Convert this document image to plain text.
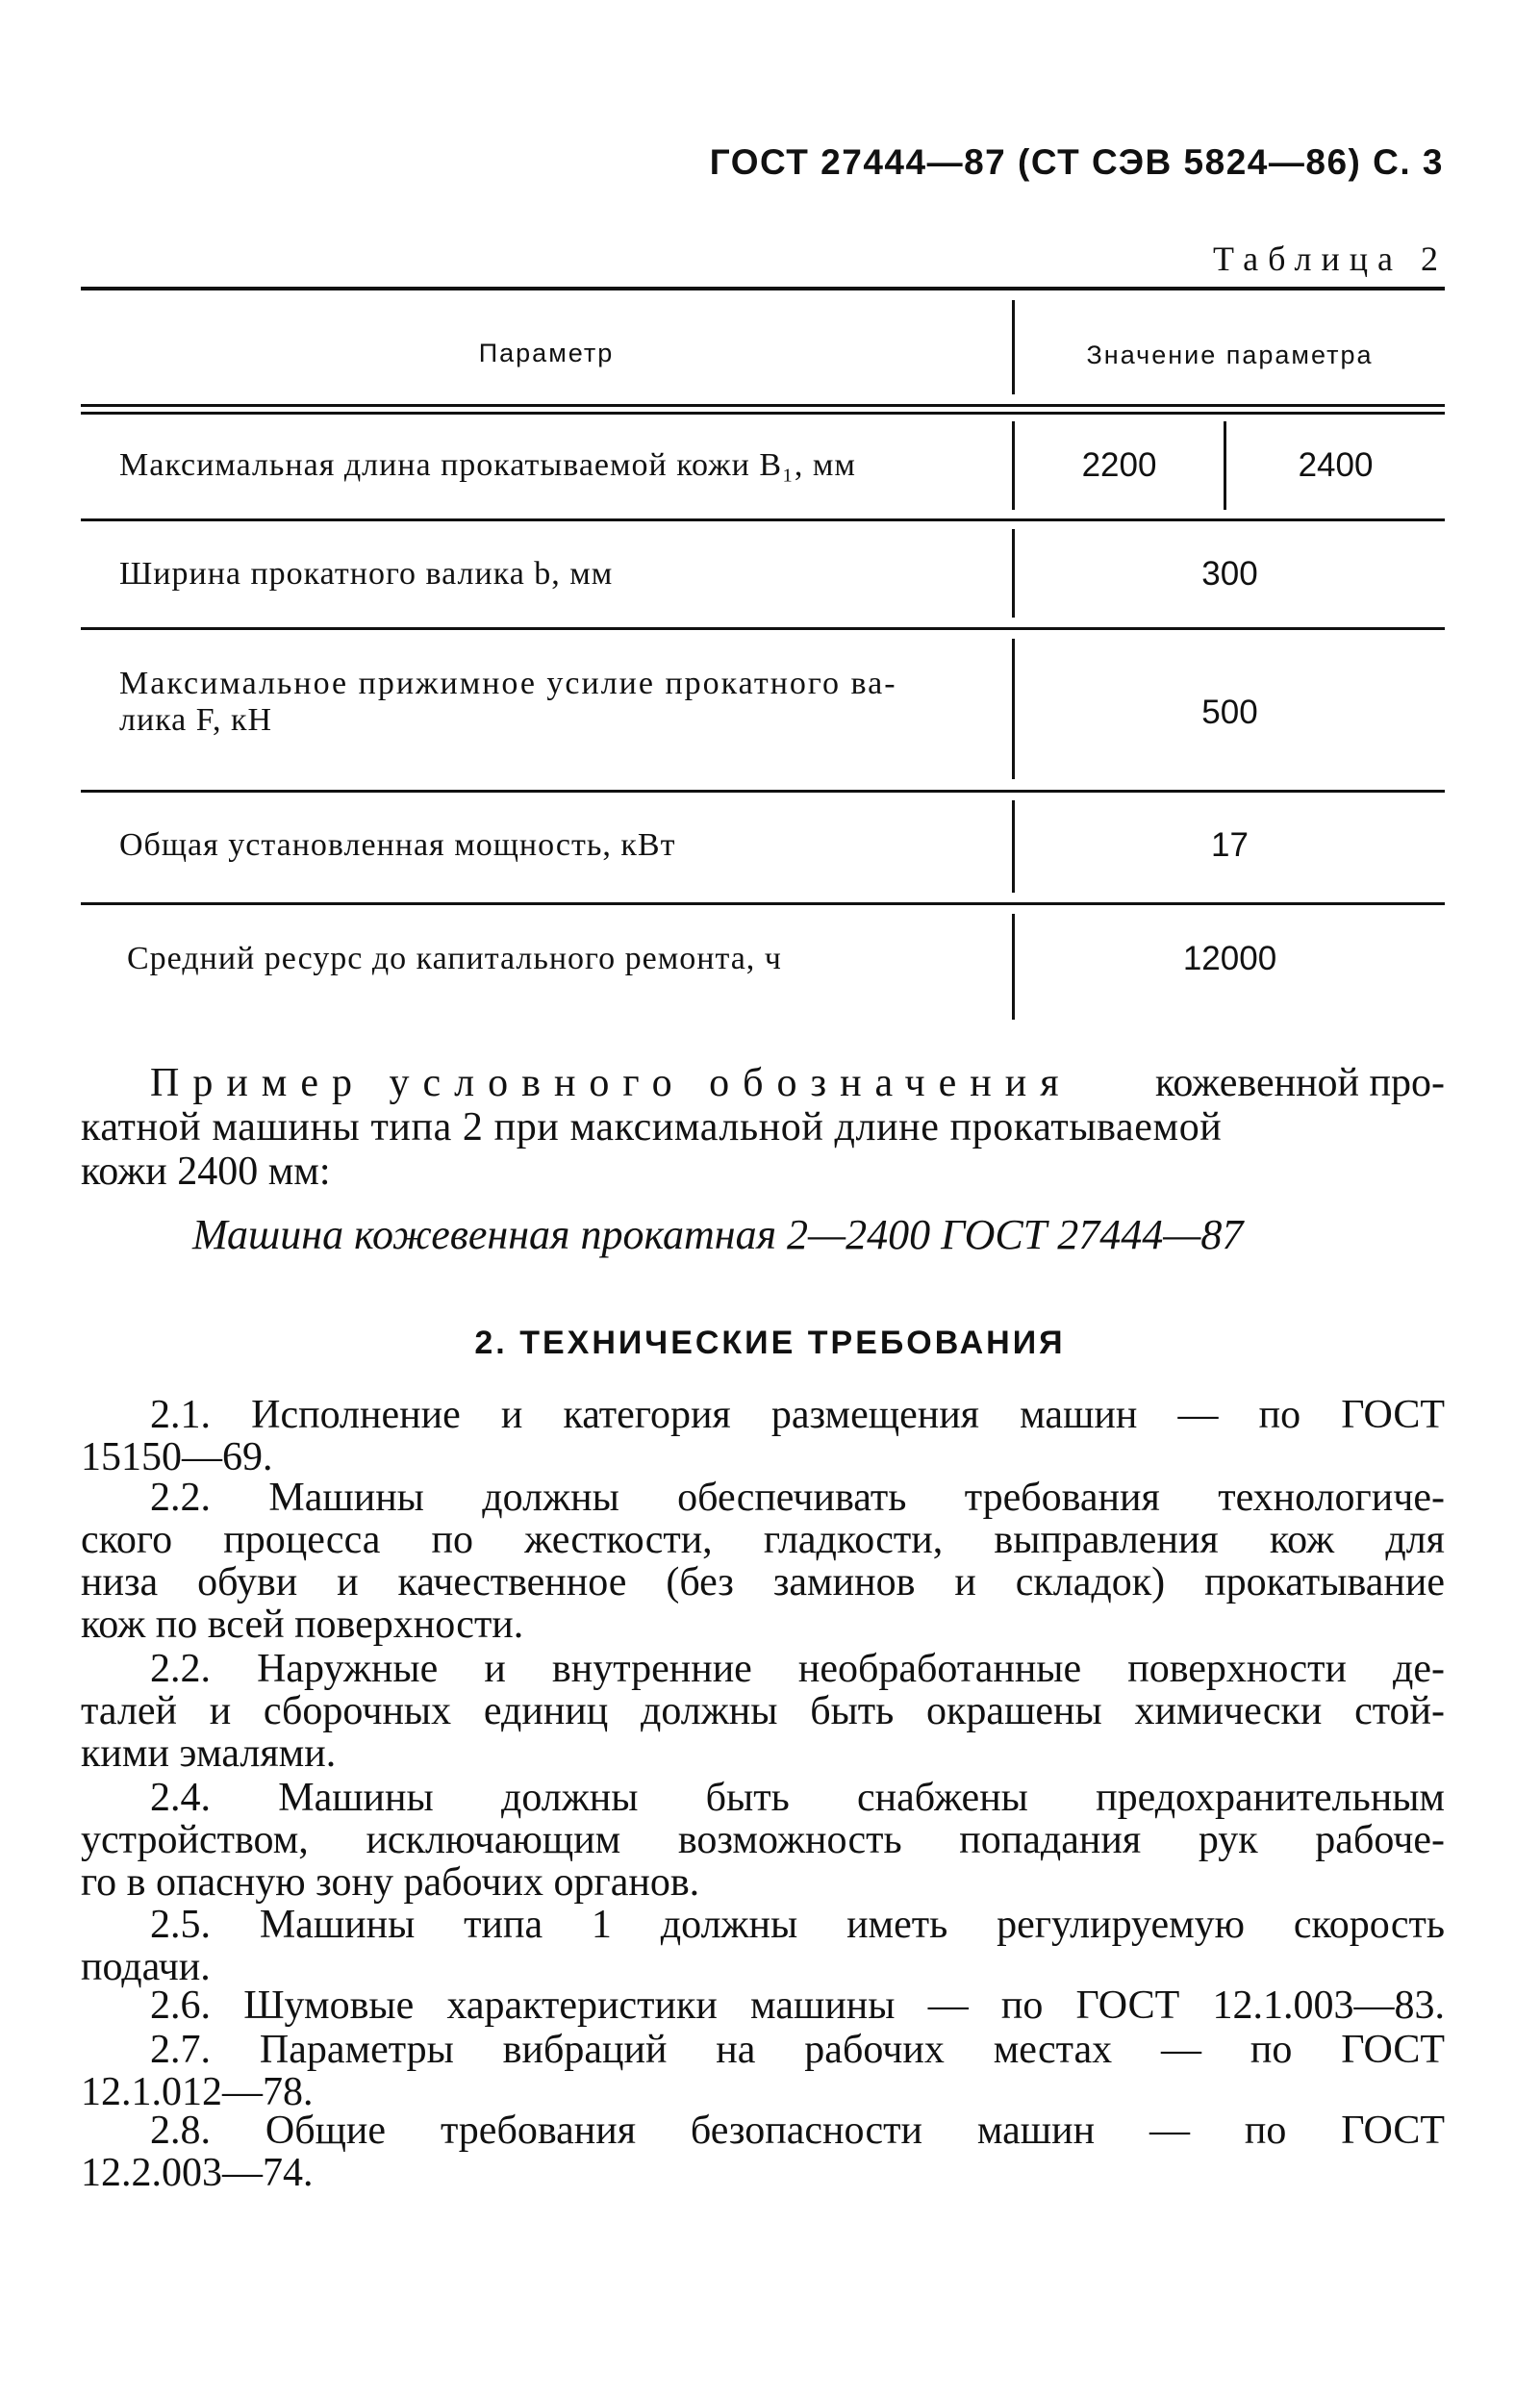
ГОСТ 27444—87 (СТ СЭВ 5824—86) С. 3
Таблица 2
Параметр	Значение параметра
Максимальная длина прокатываемой кожи B₁, мм	2200	2400
Ширина прокатного валика b, мм	300
Максимальное прижимное усилие прокатного ва-
лика F, кН	500
Общая установленная мощность, кВт	17
Средний ресурс до капитального ремонта, ч	12000
Пример условного обозначения кожевенной про-
катной машины типа 2 при максимальной длине прокатываемой
кожи 2400 мм:
Машина кожевенная прокатная 2—2400 ГОСТ 27444—87
2. ТЕХНИЧЕСКИЕ ТРЕБОВАНИЯ
2.1. Исполнение и категория размещения машин — по ГОСТ
15150—69.
2.2. Машины должны обеспечивать требования технологиче-
ского процесса по жесткости, гладкости, выправления кож для
низа обуви и качественное (без заминов и складок) прокатывание
кож по всей поверхности.
2.2. Наружные и внутренние необработанные поверхности де-
талей и сборочных единиц должны быть окрашены химически стой-
кими эмалями.
2.4. Машины должны быть снабжены предохранительным
устройством, исключающим возможность попадания рук рабоче-
го в опасную зону рабочих органов.
2.5. Машины типа 1 должны иметь регулируемую скорость
подачи.
2.6. Шумовые характеристики машины — по ГОСТ 12.1.003—83.
2.7. Параметры вибраций на рабочих местах — по ГОСТ
12.1.012—78.
2.8. Общие требования безопасности машин — по ГОСТ
12.2.003—74.
